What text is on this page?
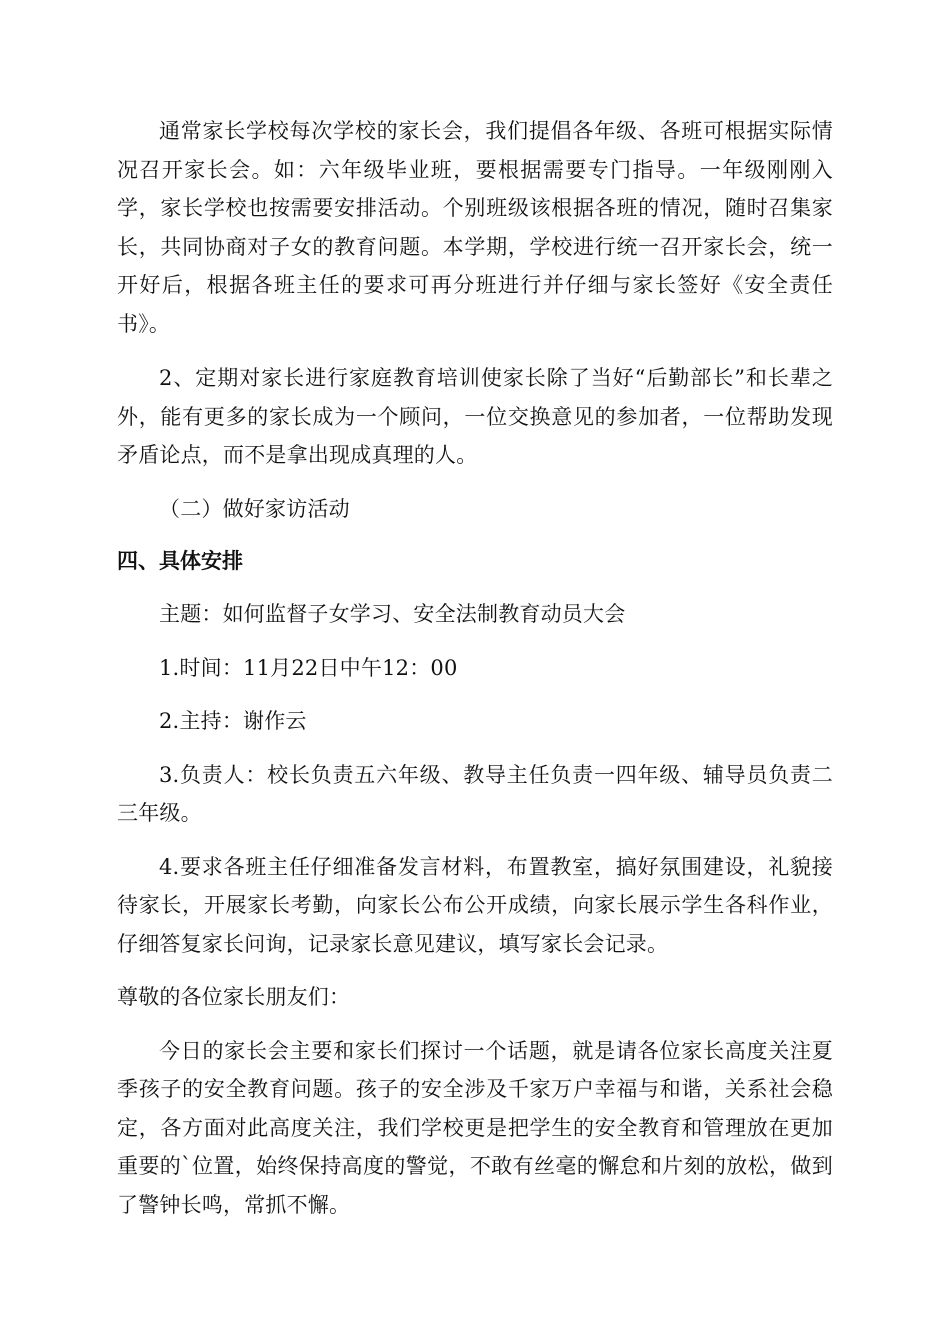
通常家长学校每次学校的家长会，我们提倡各年级、各班可根据实际情况召开家长会。如：六年级毕业班，要根据需要专门指导。一年级刚刚入学，家长学校也按需要安排活动。个别班级该根据各班的情况，随时召集家长，共同协商对子女的教育问题。本学期，学校进行统一召开家长会，统一开好后，根据各班主任的要求可再分班进行并仔细与家长签好《安全责任书》。

2、定期对家长进行家庭教育培训使家长除了当好“后勤部长”和长辈之外，能有更多的家长成为一个顾问，一位交换意见的参加者，一位帮助发现矛盾论点，而不是拿出现成真理的人。

（二）做好家访活动

四、具体安排

主题：如何监督子女学习、安全法制教育动员大会

1.时间：11月22日中午12：00

2.主持：谢作云

3.负责人：校长负责五六年级、教导主任负责一四年级、辅导员负责二三年级。

4.要求各班主任仔细准备发言材料，布置教室，搞好氛围建设，礼貌接待家长，开展家长考勤，向家长公布公开成绩，向家长展示学生各科作业，仔细答复家长问询，记录家长意见建议，填写家长会记录。

尊敬的各位家长朋友们：

今日的家长会主要和家长们探讨一个话题，就是请各位家长高度关注夏季孩子的安全教育问题。孩子的安全涉及千家万户幸福与和谐，关系社会稳定，各方面对此高度关注，我们学校更是把学生的安全教育和管理放在更加重要的`位置，始终保持高度的警觉，不敢有丝毫的懈怠和片刻的放松，做到了警钟长鸣，常抓不懈。
